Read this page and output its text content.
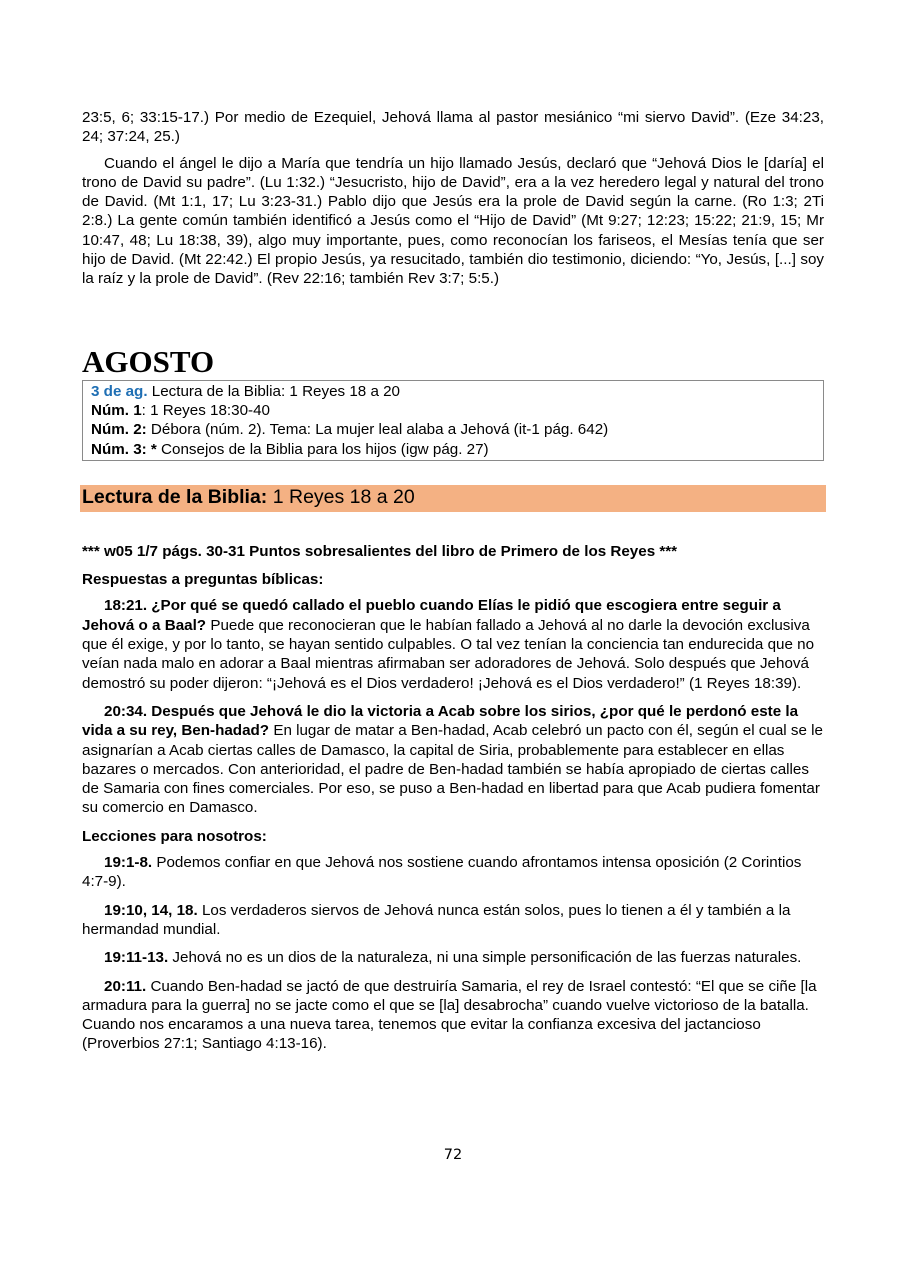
23:5, 6; 33:15-17.) Por medio de Ezequiel, Jehová llama al pastor mesiánico “mi siervo David”. (Eze 34:23, 24; 37:24, 25.)

Cuando el ángel le dijo a María que tendría un hijo llamado Jesús, declaró que “Jehová Dios le [daría] el trono de David su padre”. (Lu 1:32.) “Jesucristo, hijo de David”, era a la vez heredero legal y natural del trono de David. (Mt 1:1, 17; Lu 3:23-31.) Pablo dijo que Jesús era la prole de David según la carne. (Ro 1:3; 2Ti 2:8.) La gente común también identificó a Jesús como el “Hijo de David” (Mt 9:27; 12:23; 15:22; 21:9, 15; Mr 10:47, 48; Lu 18:38, 39), algo muy importante, pues, como reconocían los fariseos, el Mesías tenía que ser hijo de David. (Mt 22:42.) El propio Jesús, ya resucitado, también dio testimonio, diciendo: “Yo, Jesús, [...] soy la raíz y la prole de David”. (Rev 22:16; también Rev 3:7; 5:5.)

AGOSTO
3 de ag. Lectura de la Biblia: 1 Reyes 18 a 20
Núm. 1: 1 Reyes 18:30-40
Núm. 2: Débora (núm. 2). Tema: La mujer leal alaba a Jehová (it-1 pág. 642)
Núm. 3: * Consejos de la Biblia para los hijos (igw pág. 27)
Lectura de la Biblia: 1 Reyes 18 a 20
*** w05 1/7 págs. 30-31 Puntos sobresalientes del libro de Primero de los Reyes ***
Respuestas a preguntas bíblicas:

18:21. ¿Por qué se quedó callado el pueblo cuando Elías le pidió que escogiera entre seguir a Jehová o a Baal? Puede que reconocieran que le habían fallado a Jehová al no darle la devoción exclusiva que él exige, y por lo tanto, se hayan sentido culpables. O tal vez tenían la conciencia tan endurecida que no veían nada malo en adorar a Baal mientras afirmaban ser adoradores de Jehová. Solo después que Jehová demostró su poder dijeron: “¡Jehová es el Dios verdadero! ¡Jehová es el Dios verdadero!” (1 Reyes 18:39).

20:34. Después que Jehová le dio la victoria a Acab sobre los sirios, ¿por qué le perdonó este la vida a su rey, Ben-hadad? En lugar de matar a Ben-hadad, Acab celebró un pacto con él, según el cual se le asignarían a Acab ciertas calles de Damasco, la capital de Siria, probablemente para establecer en ellas bazares o mercados. Con anterioridad, el padre de Ben-hadad también se había apropiado de ciertas calles de Samaria con fines comerciales. Por eso, se puso a Ben-hadad en libertad para que Acab pudiera fomentar su comercio en Damasco.

Lecciones para nosotros:

19:1-8. Podemos confiar en que Jehová nos sostiene cuando afrontamos intensa oposición (2 Corintios 4:7-9).

19:10, 14, 18. Los verdaderos siervos de Jehová nunca están solos, pues lo tienen a él y también a la hermandad mundial.

19:11-13. Jehová no es un dios de la naturaleza, ni una simple personificación de las fuerzas naturales.

20:11. Cuando Ben-hadad se jactó de que destruiría Samaria, el rey de Israel contestó: “El que se ciñe [la armadura para la guerra] no se jacte como el que se [la] desabrocha” cuando vuelve victorioso de la batalla. Cuando nos encaramos a una nueva tarea, tenemos que evitar la confianza excesiva del jactancioso (Proverbios 27:1; Santiago 4:13-16).

72
